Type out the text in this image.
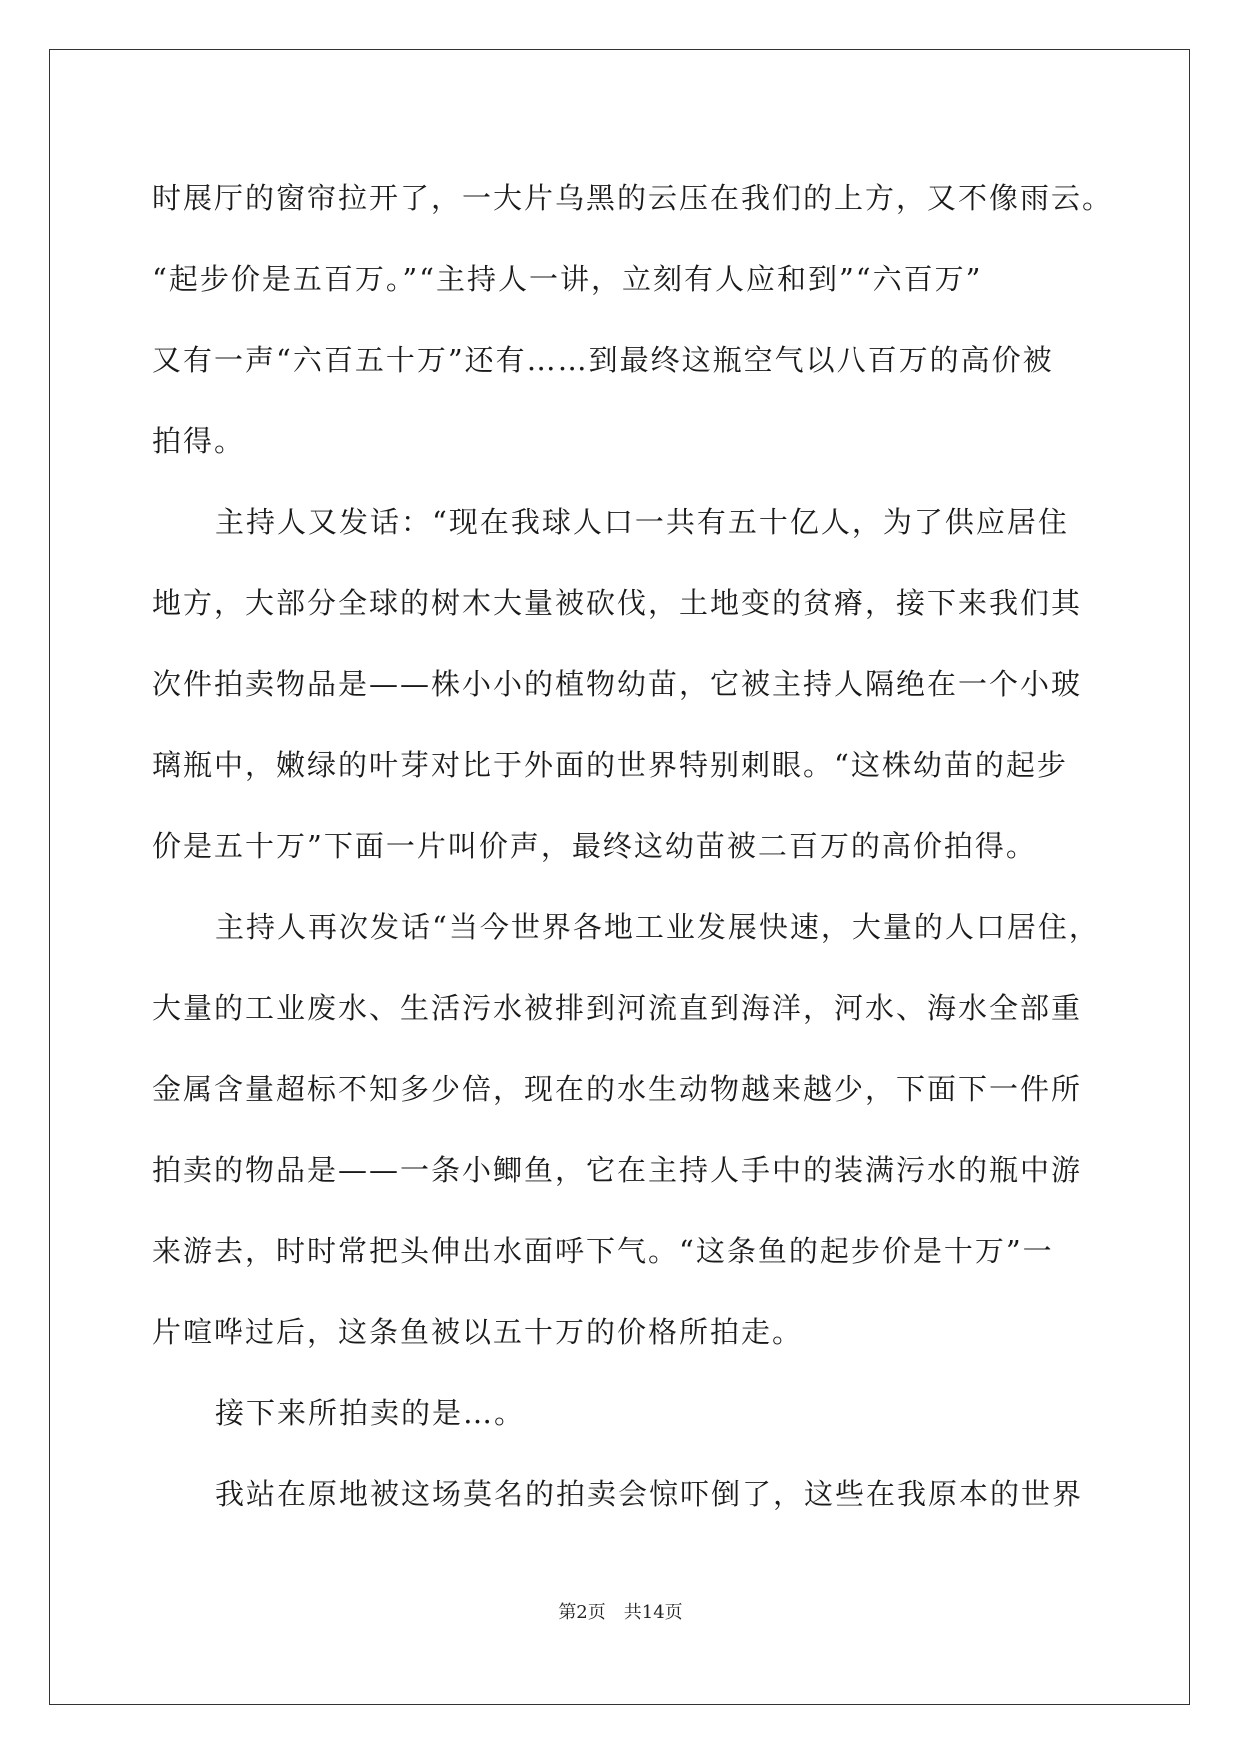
时展厅的窗帘拉开了，一大片乌黑的云压在我们的上方，又不像雨云。
“起步价是五百万。”“主持人一讲，立刻有人应和到”“六百万”
又有一声“六百五十万”还有……到最终这瓶空气以八百万的高价被
拍得。
主持人又发话：“现在我球人口一共有五十亿人，为了供应居住
地方，大部分全球的树木大量被砍伐，土地变的贫瘠，接下来我们其
次件拍卖物品是——株小小的植物幼苗，它被主持人隔绝在一个小玻
璃瓶中，嫩绿的叶芽对比于外面的世界特别刺眼。“这株幼苗的起步
价是五十万”下面一片叫价声，最终这幼苗被二百万的高价拍得。
主持人再次发话“当今世界各地工业发展快速，大量的人口居住，
大量的工业废水、生活污水被排到河流直到海洋，河水、海水全部重
金属含量超标不知多少倍，现在的水生动物越来越少，下面下一件所
拍卖的物品是——一条小鲫鱼，它在主持人手中的装满污水的瓶中游
来游去，时时常把头伸出水面呼下气。“这条鱼的起步价是十万”一
片喧哗过后，这条鱼被以五十万的价格所拍走。
接下来所拍卖的是…。
我站在原地被这场莫名的拍卖会惊吓倒了，这些在我原本的世界
第2页　共14页
